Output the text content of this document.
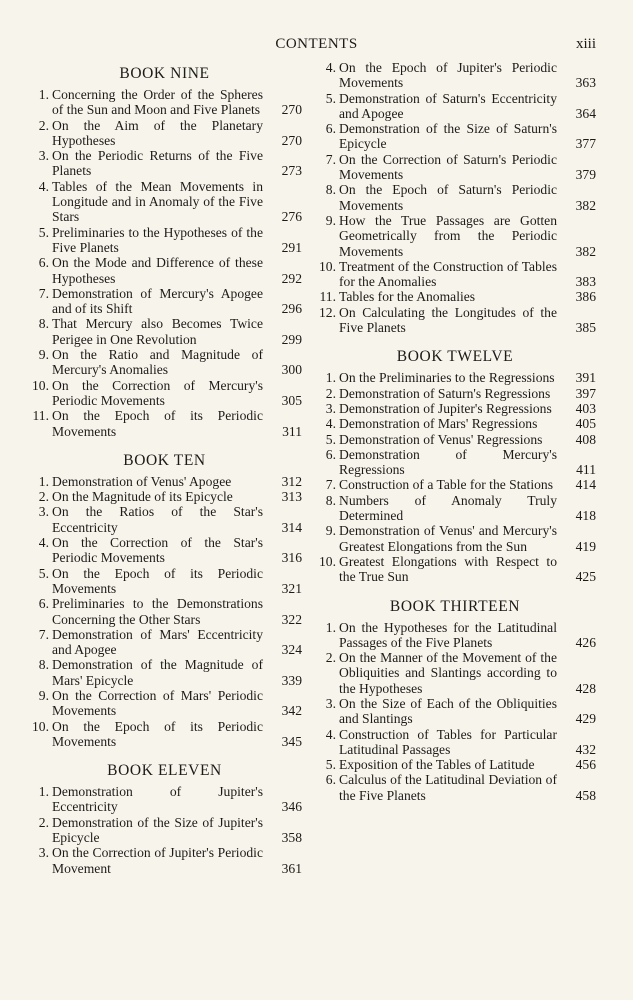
CONTENTS	xiii
BOOK NINE
1. Concerning the Order of the Spheres of the Sun and Moon and Five Planets	270
2. On the Aim of the Planetary Hypotheses	270
3. On the Periodic Returns of the Five Planets	273
4. Tables of the Mean Movements in Longitude and in Anomaly of the Five Stars	276
5. Preliminaries to the Hypotheses of the Five Planets	291
6. On the Mode and Difference of these Hypotheses	292
7. Demonstration of Mercury's Apogee and of its Shift	296
8. That Mercury also Becomes Twice Perigee in One Revolution	299
9. On the Ratio and Magnitude of Mercury's Anomalies	300
10. On the Correction of Mercury's Periodic Movements	305
11. On the Epoch of its Periodic Movements	311
BOOK TEN
1. Demonstration of Venus' Apogee	312
2. On the Magnitude of its Epicycle	313
3. On the Ratios of the Star's Eccentricity	314
4. On the Correction of the Star's Periodic Movements	316
5. On the Epoch of its Periodic Movements	321
6. Preliminaries to the Demonstrations Concerning the Other Stars	322
7. Demonstration of Mars' Eccentricity and Apogee	324
8. Demonstration of the Magnitude of Mars' Epicycle	339
9. On the Correction of Mars' Periodic Movements	342
10. On the Epoch of its Periodic Movements	345
BOOK ELEVEN
1. Demonstration of Jupiter's Eccentricity	346
2. Demonstration of the Size of Jupiter's Epicycle	358
3. On the Correction of Jupiter's Periodic Movement	361
4. On the Epoch of Jupiter's Periodic Movements	363
5. Demonstration of Saturn's Eccentricity and Apogee	364
6. Demonstration of the Size of Saturn's Epicycle	377
7. On the Correction of Saturn's Periodic Movements	379
8. On the Epoch of Saturn's Periodic Movements	382
9. How the True Passages are Gotten Geometrically from the Periodic Movements	382
10. Treatment of the Construction of Tables for the Anomalies	383
11. Tables for the Anomalies	386
12. On Calculating the Longitudes of the Five Planets	385
BOOK TWELVE
1. On the Preliminaries to the Regressions	391
2. Demonstration of Saturn's Regressions	397
3. Demonstration of Jupiter's Regressions	403
4. Demonstration of Mars' Regressions	405
5. Demonstration of Venus' Regressions	408
6. Demonstration of Mercury's Regressions	411
7. Construction of a Table for the Stations	414
8. Numbers of Anomaly Truly Determined	418
9. Demonstration of Venus' and Mercury's Greatest Elongations from the Sun	419
10. Greatest Elongations with Respect to the True Sun	425
BOOK THIRTEEN
1. On the Hypotheses for the Latitudinal Passages of the Five Planets	426
2. On the Manner of the Movement of the Obliquities and Slantings according to the Hypotheses	428
3. On the Size of Each of the Obliquities and Slantings	429
4. Construction of Tables for Particular Latitudinal Passages	432
5. Exposition of the Tables of Latitude	456
6. Calculus of the Latitudinal Deviation of the Five Planets	458
